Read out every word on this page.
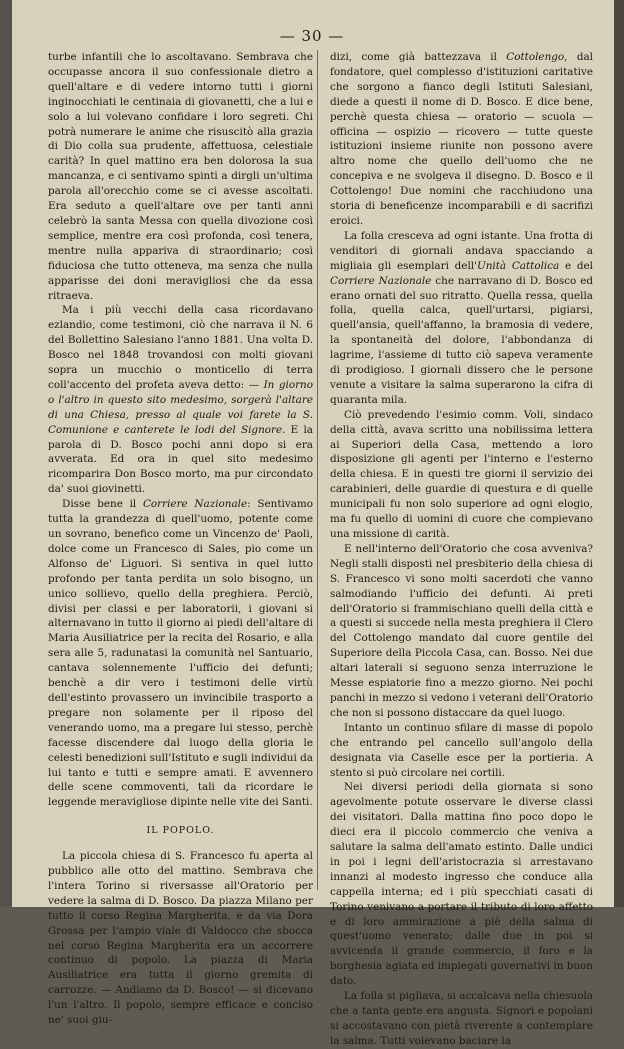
— 30 —

turbe infantili che lo ascoltavano. Sembrava che occupasse ancora il suo confessionale dietro a quell'altare e di vedere intorno tutti i giorni inginocchiati le centinaia di giovanetti, che a lui e solo a lui volevano confidare i loro segreti. Chi potrà numerare le anime che risuscitò alla grazia di Dio colla sua prudente, affettuosa, celestiale carità? In quel mattino era ben dolorosa la sua mancanza, e ci sentivamo spinti a dirgli un'ultima parola all'orecchio come se ci avesse ascoltati. Era seduto a quell'altare ove per tanti anni celebrò la santa Messa con quella divozione così semplice, mentre era così profonda, così tenera, mentre nulla appariva di straordinario; così fiduciosa che tutto otteneva, ma senza che nulla apparisse dei doni meravigliosi che da essa ritraeva.

Ma i più vecchi della casa ricordavano ezlandio, come testimoni, ciò che narrava il N. 6 del Bollettino Salesiano l'anno 1881. Una volta D. Bosco nel 1848 trovandosi con molti giovani sopra un mucchio o monticello di terra coll'accento del profeta aveva detto: — In giorno o l'altro in questo sito medesimo, sorgerà l'altare di una Chiesa, presso al quale voi farete la S. Comunione e canterete le lodi del Signore. E la parola di D. Bosco pochi anni dopo si era avverata. Ed ora in quel sito medesimo ricomparira Don Bosco morto, ma pur circondato da' suoi giovinetti.

Disse bene il Corriere Nazionale: Sentivamo tutta la grandezza di quell'uomo, potente come un sovrano, benefico come un Vincenzo de' Paoli, dolce come un Francesco di Sales, pio come un Alfonso de' Liguori. Si sentiva in quel lutto profondo per tanta perdita un solo bisogno, un unico sollievo, quello della preghiera. Perciò, divisi per classi e per laboratorii, i giovani si alternavano in tutto il giorno ai piedi dell'altare di Maria Ausiliatrice per la recita del Rosario, e alla sera alle 5, radunatasi la comunità nel Santuario, cantava solennemente l'ufficio dei defunti; benchè a dir vero i testimoni delle virtù dell'estinto provassero un invincibile trasporto a pregare non solamente per il riposo del venerando uomo, ma a pregare lui stesso, perchè facesse discendere dal luogo della gloria le celesti benedizioni sull'Istituto e sugli individui da lui tanto e tutti e sempre amati. E avvennero delle scene commoventi, tali da ricordare le leggende meravigliose dipinte nelle vite dei Santi.

IL POPOLO.

La piccola chiesa di S. Francesco fu aperta al pubblico alle otto del mattino. Sembrava che l'intera Torino si riversasse all'Oratorio per vedere la salma di D. Bosco. Da piazza Milano per tutto il corso Regina Margherita, e da via Dora Grossa per l'ampio viale di Valdocco che sbocca nel corso Regina Margherita era un accorrere continuo di popolo. La piazza di Maria Ausiliatrice era tutta il giorno gremita di carrozze. — Andiamo da D. Bosco! — si dicevano l'un l'altro. Il popolo, sempre efficace e conciso ne' suoi giu-

dizi, come già battezzava il Cottolengo, dal fondatore, quel complesso d'istituzioni caritative che sorgono a fianco degli Istituti Salesiani, diede a questi il nome di D. Bosco. E dice bene, perchè questa chiesa — oratorio — scuola — officina — ospizio — ricovero — tutte queste istituzioni insieme riunite non possono avere altro nome che quello dell'uomo che ne concepiva e ne svolgeva il disegno. D. Bosco e il Cottolengo! Due nomini che racchiudono una storia di beneficenze incomparabili e di sacrifizi eroici.

La folla cresceva ad ogni istante. Una frotta di venditori di giornali andava spacciando a migliaia gli esemplari dell'Unità Cattolica e del Corriere Nazionale che narravano di D. Bosco ed erano ornati del suo ritratto. Quella ressa, quella folla, quella calca, quell'urtarsi, pigiarsi, quell'ansia, quell'affanno, la bramosia di vedere, la spontaneità del dolore, l'abbondanza di lagrime, l'assieme di tutto ciò sapeva veramente di prodigioso. I giornali dissero che le persone venute a visitare la salma superarono la cifra di quaranta mila.

Ciò prevedendo l'esimio comm. Voli, sindaco della città, avava scritto una nobilissima lettera ai Superiori della Casa, mettendo a loro disposizione gli agenti per l'interno e l'esterno della chiesa. E in questi tre giorni il servizio dei carabinieri, delle guardie di questura e di quelle municipali fu non solo superiore ad ogni elogio, ma fu quello di uomini di cuore che compievano una missione di carità.

E nell'interno dell'Oratorio che cosa avveniva? Negli stalli disposti nel presbiterio della chiesa di S. Francesco vi sono molti sacerdoti che vanno salmodiando l'ufficio dei defunti. Ai preti dell'Oratorio si frammischiano quelli della città e a questi si succede nella mesta preghiera il Clero del Cottolengo mandato dal cuore gentile del Superiore della Piccola Casa, can. Bosso. Nei due altari laterali si seguono senza interruzione le Messe espiatorie fino a mezzo giorno. Nei pochi panchi in mezzo si vedono i veterani dell'Oratorio che non si possono distaccare da quel luogo.

Intanto un continuo sfilare di masse di popolo che entrando pel cancello sull'angolo della designata via Caselle esce per la portieria. A stento si può circolare nei cortili.

Nei diversi periodi della giornata si sono agevolmente potute osservare le diverse classi dei visitatori. Dalla mattina fino poco dopo le dieci era il piccolo commercio che veniva a salutare la salma dell'amato estinto. Dalle undici in poi i legni dell'aristocrazia si arrestavano innanzi al modesto ingresso che conduce alla cappella interna; ed i più specchiati casati di Torino venivano a portare il tributo di loro affetto e di loro ammirazione a piè della salma di quest'uomo venerato; dalle due in poi si avvicenda il grande commercio, il foro e la borghesia agiata ed impiegati governativi in buon dato.

La folla si pigliava, si accalcava nella chiesuola che a tanta gente era angusta. Signori e popolani si accostavano con pietà riverente a contemplare la salma. Tutti volevano baciare la
